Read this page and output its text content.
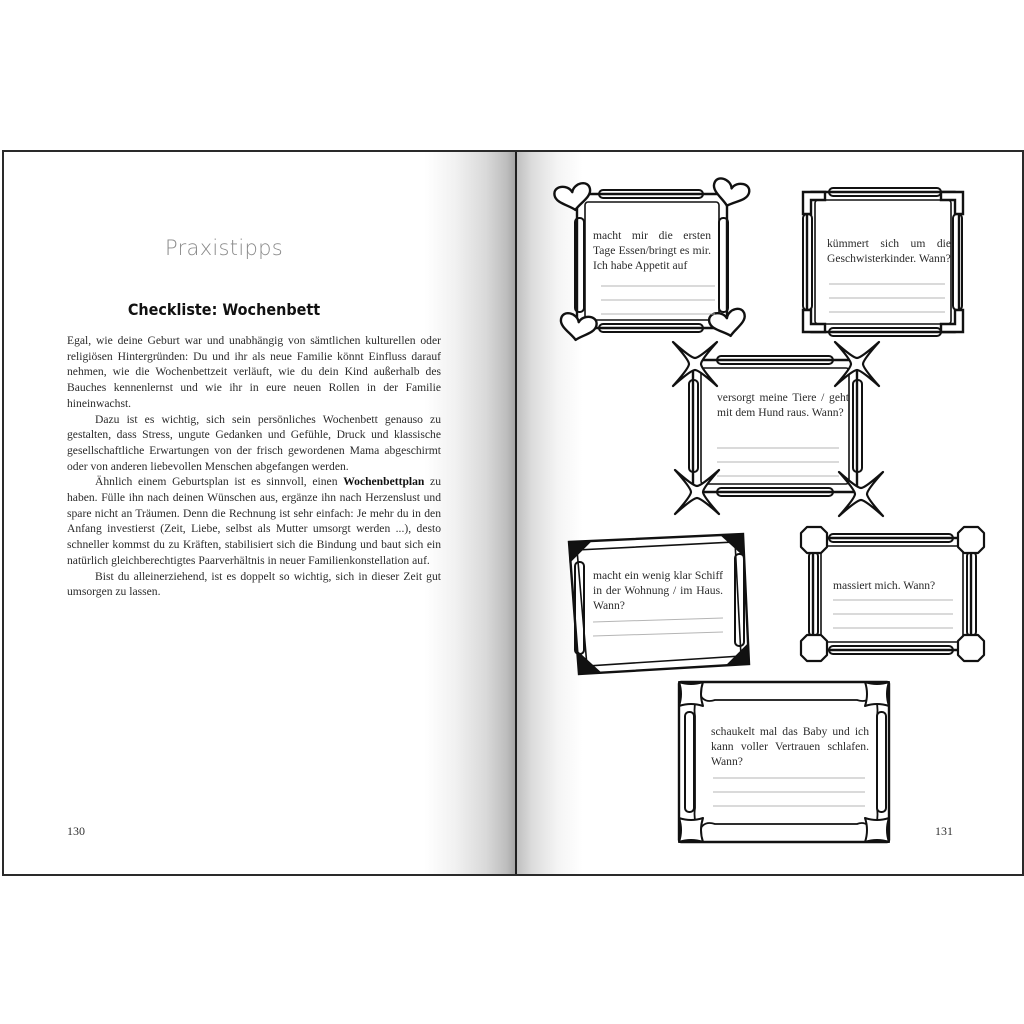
Praxistipps
Checkliste: Wochenbett

Egal, wie deine Geburt war und unabhängig von sämtlichen kulturellen oder religiösen Hintergründen: Du und ihr als neue Familie könnt Einfluss darauf nehmen, wie die Wochenbettzeit verläuft, wie du dein Kind außerhalb des Bauches kennenlernst und wie ihr in eure neuen Rollen in der Familie hineinwachst.

Dazu ist es wichtig, sich sein persönliches Wochenbett genauso zu gestalten, dass Stress, ungute Gedanken und Gefühle, Druck und klassische gesellschaftliche Erwartungen von der frisch gewordenen Mama abgeschirmt oder von anderen liebevollen Menschen abgefangen werden.

Ähnlich einem Geburtsplan ist es sinnvoll, einen Wochenbettplan zu haben. Fülle ihn nach deinen Wünschen aus, ergänze ihn nach Herzenslust und spare nicht an Träumen. Denn die Rechnung ist sehr einfach: Je mehr du in den Anfang investierst (Zeit, Liebe, selbst als Mutter umsorgt werden ...), desto schneller kommst du zu Kräften, stabilisiert sich die Bindung und baut sich ein natürlich gleichberechtigtes Paarverhältnis in neuer Familienkonstellation auf.

Bist du alleinerziehend, ist es doppelt so wichtig, sich in dieser Zeit gut umsorgen zu lassen.

130
macht mir die ersten Tage Essen/bringt es mir. Ich habe Appetit auf
kümmert sich um die Geschwisterkinder. Wann?
versorgt meine Tiere / geht mit dem Hund raus. Wann?
macht ein wenig klar Schiff in der Wohnung / im Haus. Wann?
massiert mich. Wann?
schaukelt mal das Baby und ich kann voller Vertrauen schlafen. Wann?
131
